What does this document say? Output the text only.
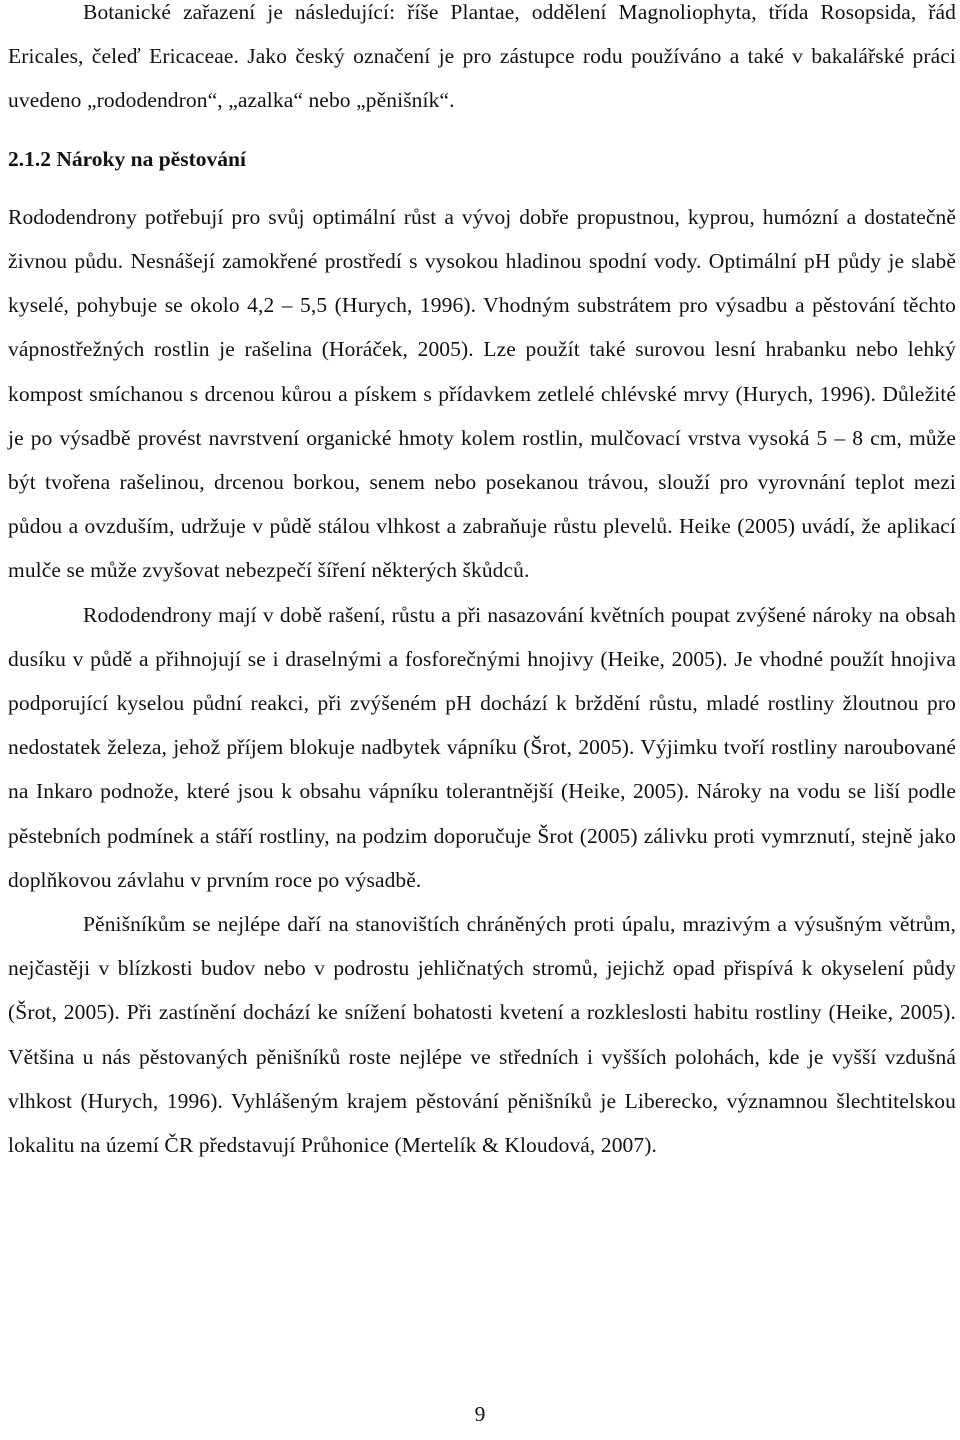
Botanické zařazení je následující: říše Plantae, oddělení Magnoliophyta, třída Rosopsida, řád Ericales, čeleď Ericaceae. Jako český označení je pro zástupce rodu používáno a také v bakalářské práci uvedeno „rododendron“, „azalka“ nebo „pěnišník“.

2.1.2 Nároky na pěstování

Rododendrony potřebují pro svůj optimální růst a vývoj dobře propustnou, kyprou, humózní a dostatečně živnou půdu. Nesnášejí zamokřené prostředí s vysokou hladinou spodní vody. Optimální pH půdy je slabě kyselé, pohybuje se okolo 4,2 – 5,5 (Hurych, 1996). Vhodným substrátem pro výsadbu a pěstování těchto vápnostřežných rostlin je rašelina (Horáček, 2005). Lze použít také surovou lesní hrabanku nebo lehký kompost smíchanou s drcenou kůrou a pískem s přídavkem zetlelé chlévské mrvy (Hurych, 1996). Důležité je po výsadbě provést navrstvení organické hmoty kolem rostlin, mulčovací vrstva vysoká 5 – 8 cm, může být tvořena rašelinou, drcenou borkou, senem nebo posekanou trávou, slouží pro vyrovnání teplot mezi půdou a ovzduším, udržuje v půdě stálou vlhkost a zabraňuje růstu plevelů. Heike (2005) uvádí, že aplikací mulče se může zvyšovat nebezpečí šíření některých škůdců.

Rododendrony mají v době rašení, růstu a při nasazování květních poupat zvýšené nároky na obsah dusíku v půdě a přihnojují se i draselnými a fosforečnými hnojivy (Heike, 2005). Je vhodné použít hnojiva podporující kyselou půdní reakci, při zvýšeném pH dochází k brždění růstu, mladé rostliny žloutnou pro nedostatek železa, jehož příjem blokuje nadbytek vápníku (Šrot, 2005). Výjimku tvoří rostliny naroubované na Inkaro podnože, které jsou k obsahu vápníku tolerantnější (Heike, 2005). Nároky na vodu se liší podle pěstebních podmínek a stáří rostliny, na podzim doporučuje Šrot (2005) zálivku proti vymrznutí, stejně jako doplňkovou závlahu v prvním roce po výsadbě.

Pěnišníkům se nejlépe daří na stanovištích chráněných proti úpalu, mrazivým a výsušným větrům, nejčastěji v blízkosti budov nebo v podrostu jehličnatých stromů, jejichž opad přispívá k okyselení půdy (Šrot, 2005). Při zastínění dochází ke snížení bohatosti kvetení a rozkleslosti habitu rostliny (Heike, 2005). Většina u nás pěstovaných pěnišníků roste nejlépe ve středních i vyšších polohách, kde je vyšší vzdušná vlhkost (Hurych, 1996). Vyhlášeným krajem pěstování pěnišníků je Liberecko, významnou šlechtitelskou lokalitu na území ČR představují Průhonice (Mertelík & Kloudová, 2007).

9
